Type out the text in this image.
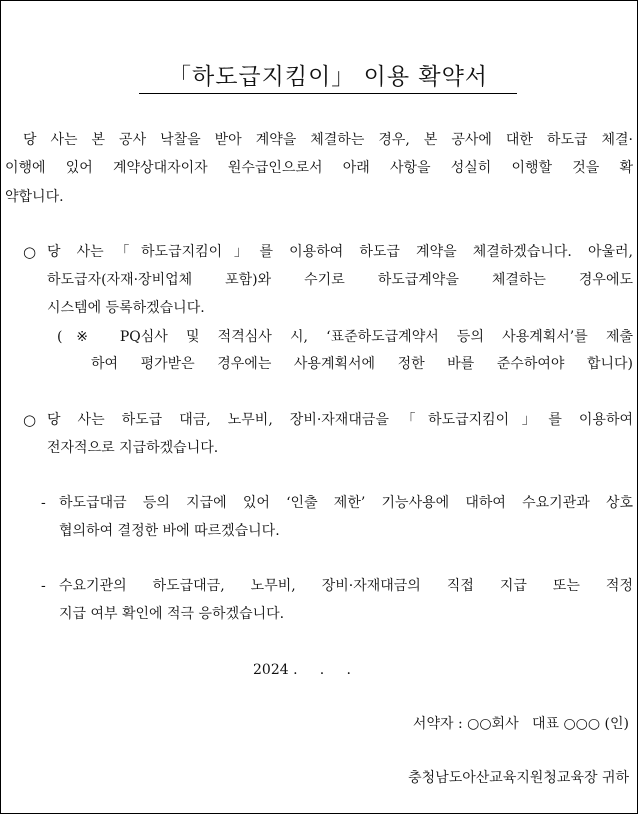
「하도급지킴이」 이용 확약서
당 사는 본 공사 낙찰을 받아 계약을 체결하는 경우, 본 공사에 대한 하도급 체결·
이행에 있어 계약상대자이자 원수급인으로서 아래 사항을 성실히 이행할 것을 확
약합니다.
○ 당 사는「하도급지킴이」를 이용하여 하도급 계약을 체결하겠습니다. 아울러,
하도급자(자재·장비업체 포함)와 수기로 하도급계약을 체결하는 경우에도
시스템에 등록하겠습니다.
(※ PQ심사 및 적격심사 시, ‘표준하도급계약서 등의 사용계획서’를 제출
하여 평가받은 경우에는 사용계획서에 정한 바를 준수하여야 합니다)
○ 당 사는 하도급 대금, 노무비, 장비·자재대금을「하도급지킴이」를 이용하여
전자적으로 지급하겠습니다.
- 하도급대금 등의 지급에 있어 ‘인출 제한’ 기능사용에 대하여 수요기관과 상호
협의하여 결정한 바에 따르겠습니다.
- 수요기관의 하도급대금, 노무비, 장비·자재대금의 직접 지급 또는 적정
지급 여부 확인에 적극 응하겠습니다.
2024 .     .     .
서약자 : ○○회사   대표 ○○○ (인)
충청남도아산교육지원청교육장 귀하
